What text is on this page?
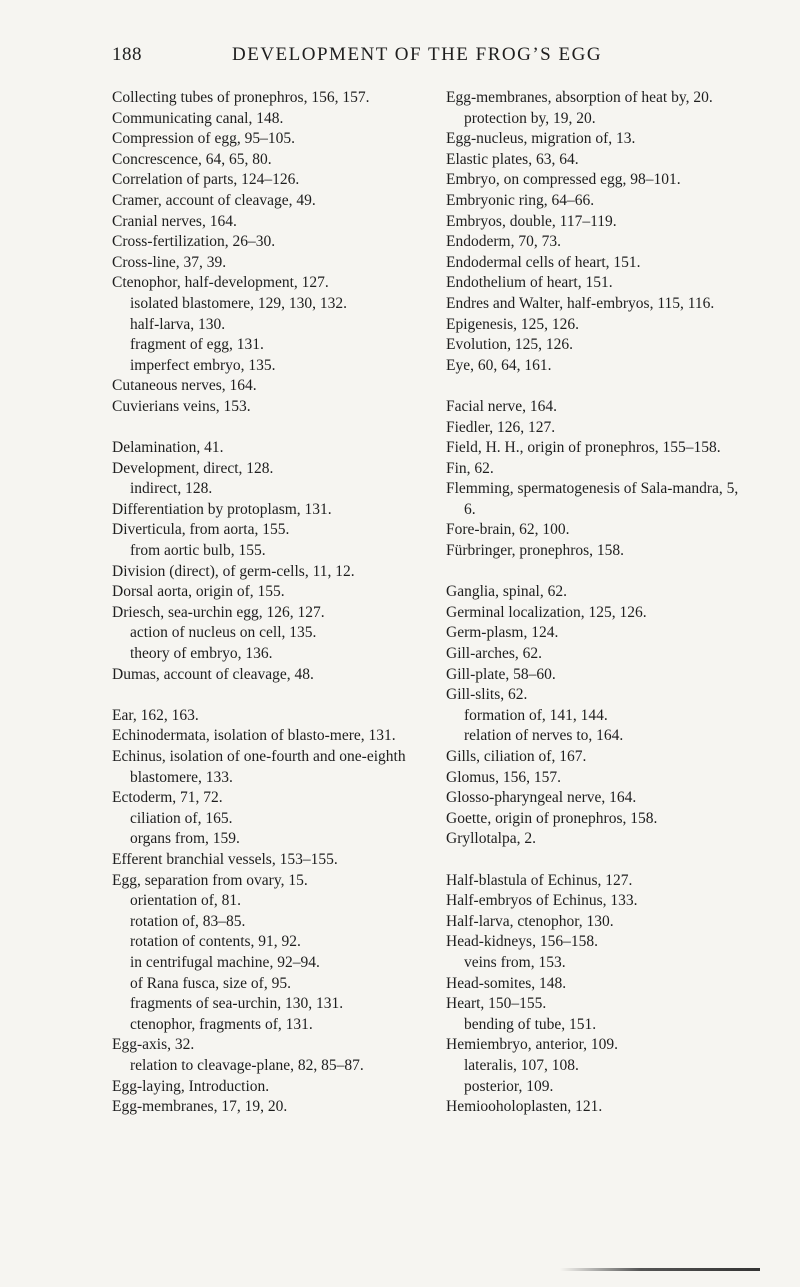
188	DEVELOPMENT OF THE FROG’S EGG
Collecting tubes of pronephros, 156, 157.
Communicating canal, 148.
Compression of egg, 95–105.
Concrescence, 64, 65, 80.
Correlation of parts, 124–126.
Cramer, account of cleavage, 49.
Cranial nerves, 164.
Cross-fertilization, 26–30.
Cross-line, 37, 39.
Ctenophor, half-development, 127.
isolated blastomere, 129, 130, 132.
half-larva, 130.
fragment of egg, 131.
imperfect embryo, 135.
Cutaneous nerves, 164.
Cuvierians veins, 153.
Delamination, 41.
Development, direct, 128.
indirect, 128.
Differentiation by protoplasm, 131.
Diverticula, from aorta, 155.
from aortic bulb, 155.
Division (direct), of germ-cells, 11, 12.
Dorsal aorta, origin of, 155.
Driesch, sea-urchin egg, 126, 127.
action of nucleus on cell, 135.
theory of embryo, 136.
Dumas, account of cleavage, 48.
Ear, 162, 163.
Echinodermata, isolation of blasto-mere, 131.
Echinus, isolation of one-fourth and one-eighth blastomere, 133.
Ectoderm, 71, 72.
ciliation of, 165.
organs from, 159.
Efferent branchial vessels, 153–155.
Egg, separation from ovary, 15.
orientation of, 81.
rotation of, 83–85.
rotation of contents, 91, 92.
in centrifugal machine, 92–94.
of Rana fusca, size of, 95.
fragments of sea-urchin, 130, 131.
ctenophor, fragments of, 131.
Egg-axis, 32.
relation to cleavage-plane, 82, 85–87.
Egg-laying, Introduction.
Egg-membranes, 17, 19, 20.
Egg-membranes, absorption of heat by, 20.
protection by, 19, 20.
Egg-nucleus, migration of, 13.
Elastic plates, 63, 64.
Embryo, on compressed egg, 98–101.
Embryonic ring, 64–66.
Embryos, double, 117–119.
Endoderm, 70, 73.
Endodermal cells of heart, 151.
Endothelium of heart, 151.
Endres and Walter, half-embryos, 115, 116.
Epigenesis, 125, 126.
Evolution, 125, 126.
Eye, 60, 64, 161.
Facial nerve, 164.
Fiedler, 126, 127.
Field, H. H., origin of pronephros, 155–158.
Fin, 62.
Flemming, spermatogenesis of Sala-mandra, 5, 6.
Fore-brain, 62, 100.
Fürbringer, pronephros, 158.
Ganglia, spinal, 62.
Germinal localization, 125, 126.
Germ-plasm, 124.
Gill-arches, 62.
Gill-plate, 58–60.
Gill-slits, 62.
formation of, 141, 144.
relation of nerves to, 164.
Gills, ciliation of, 167.
Glomus, 156, 157.
Glosso-pharyngeal nerve, 164.
Goette, origin of pronephros, 158.
Gryllotalpa, 2.
Half-blastula of Echinus, 127.
Half-embryos of Echinus, 133.
Half-larva, ctenophor, 130.
Head-kidneys, 156–158.
veins from, 153.
Head-somites, 148.
Heart, 150–155.
bending of tube, 151.
Hemiembryo, anterior, 109.
lateralis, 107, 108.
posterior, 109.
Hemiooholoplasten, 121.
